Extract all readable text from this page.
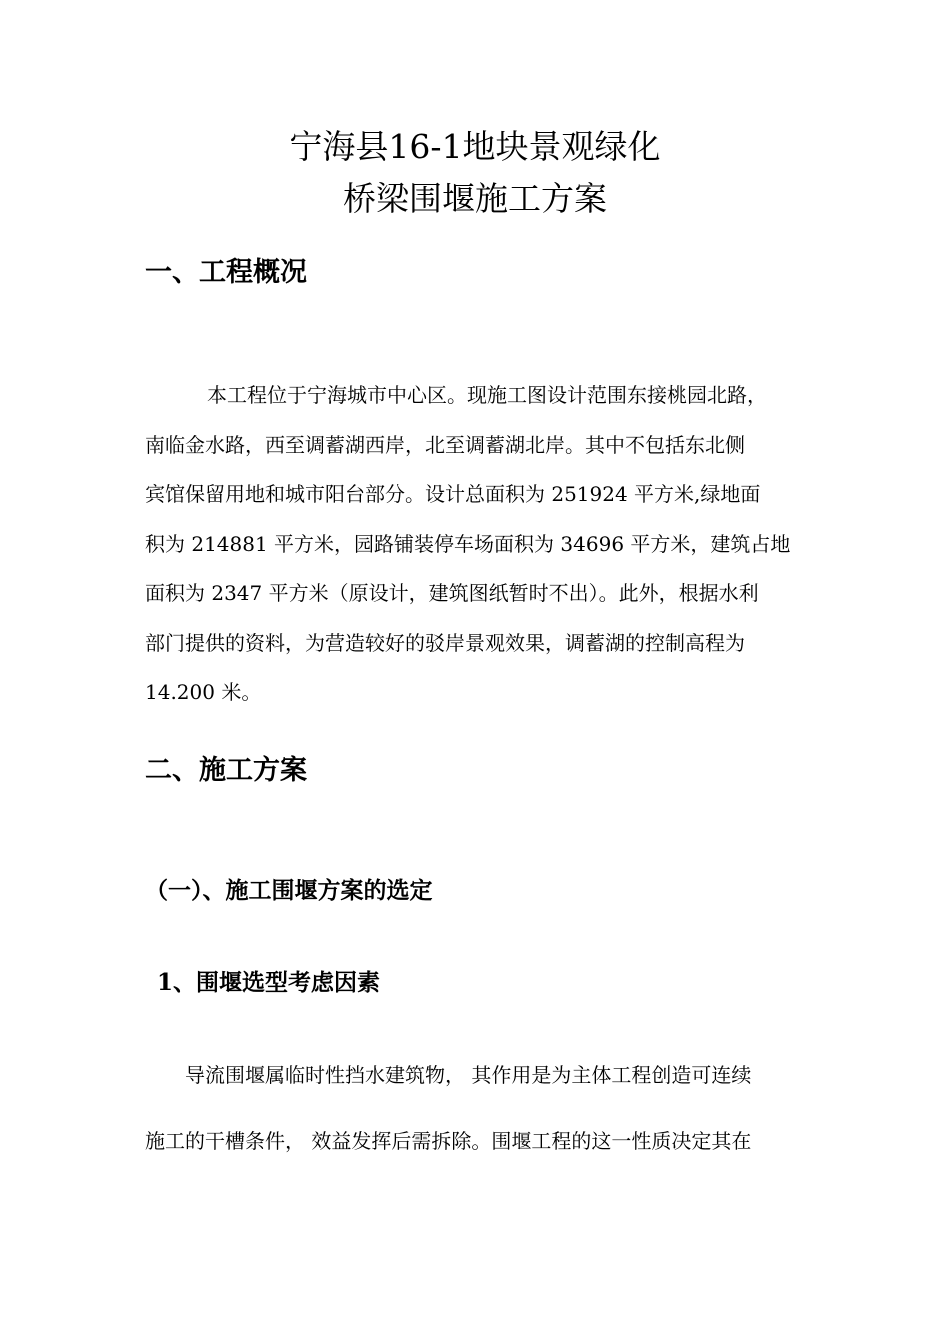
宁海县16-1地块景观绿化
桥梁围堰施工方案
一、工程概况
本工程位于宁海城市中心区。现施工图设计范围东接桃园北路，
南临金水路，西至调蓄湖西岸，北至调蓄湖北岸。其中不包括东北侧
宾馆保留用地和城市阳台部分。设计总面积为 251924 平方米,绿地面
积为 214881 平方米，园路铺装停车场面积为 34696 平方米，建筑占地
面积为 2347 平方米（原设计，建筑图纸暂时不出）。此外，根据水利
部门提供的资料，为营造较好的驳岸景观效果，调蓄湖的控制高程为
14.200 米。
二、施工方案
（一）、施工围堰方案的选定
1、围堰选型考虑因素
导流围堰属临时性挡水建筑物， 其作用是为主体工程创造可连续
施工的干槽条件， 效益发挥后需拆除。围堰工程的这一性质决定其在
